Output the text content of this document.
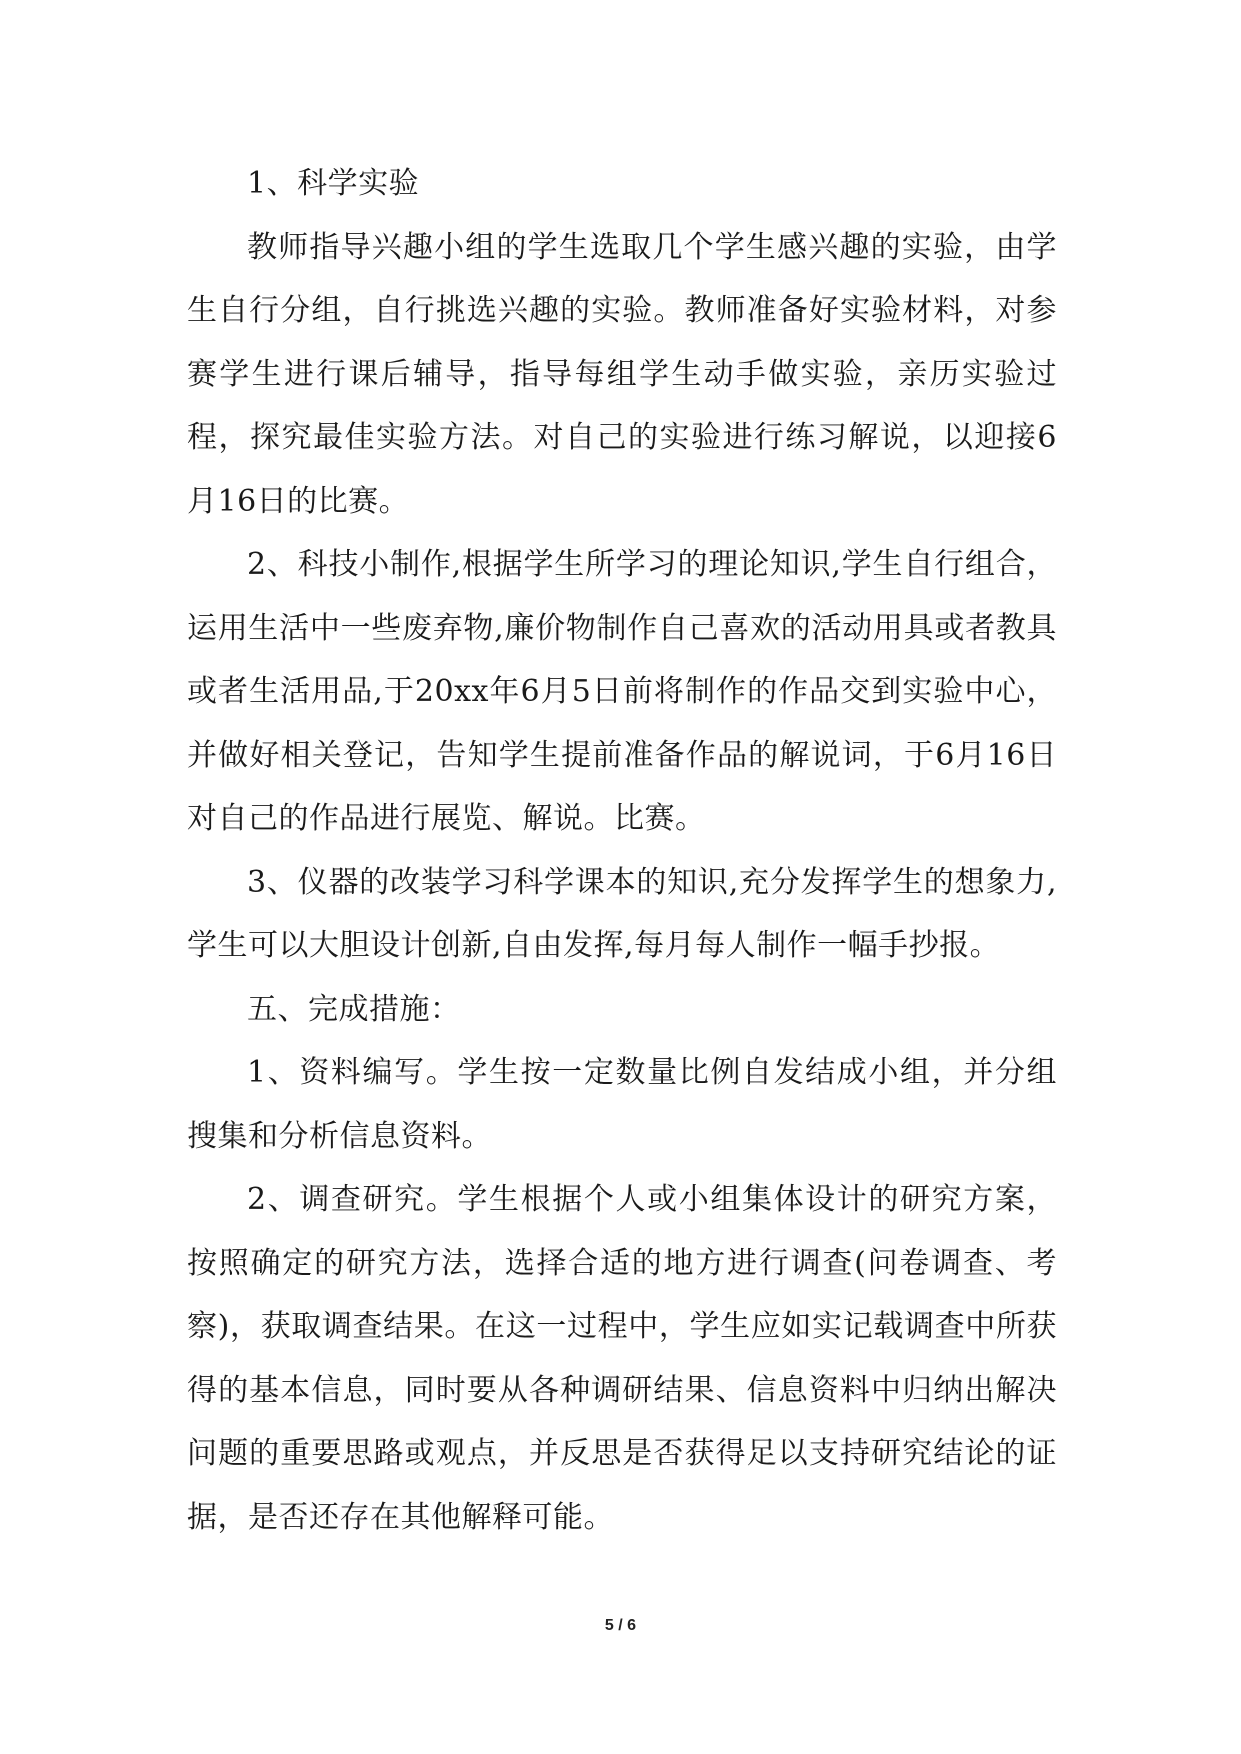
1、科学实验

教师指导兴趣小组的学生选取几个学生感兴趣的实验，由学生自行分组，自行挑选兴趣的实验。教师准备好实验材料，对参赛学生进行课后辅导，指导每组学生动手做实验，亲历实验过程，探究最佳实验方法。对自己的实验进行练习解说，以迎接6月16日的比赛。

2、科技小制作,根据学生所学习的理论知识,学生自行组合，运用生活中一些废弃物,廉价物制作自己喜欢的活动用具或者教具或者生活用品,于20xx年6月5日前将制作的作品交到实验中心，并做好相关登记，告知学生提前准备作品的解说词，于6月16日对自己的作品进行展览、解说。比赛。

3、仪器的改装学习科学课本的知识,充分发挥学生的想象力,学生可以大胆设计创新,自由发挥,每月每人制作一幅手抄报。

五、完成措施：

1、资料编写。学生按一定数量比例自发结成小组，并分组搜集和分析信息资料。

2、调查研究。学生根据个人或小组集体设计的研究方案，按照确定的研究方法，选择合适的地方进行调查(问卷调查、考察)，获取调查结果。在这一过程中，学生应如实记载调查中所获得的基本信息，同时要从各种调研结果、信息资料中归纳出解决问题的重要思路或观点，并反思是否获得足以支持研究结论的证据，是否还存在其他解释可能。

5 / 6
